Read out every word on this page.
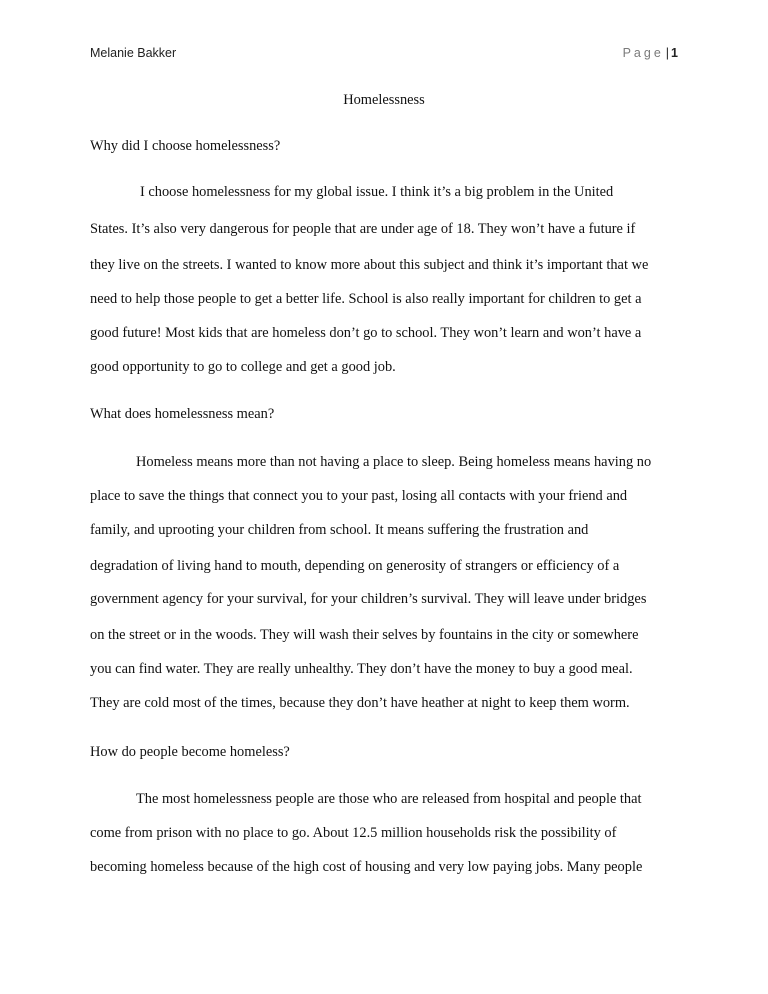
Melanie Bakker	Page | 1
Homelessness
Why did I choose homelessness?
I choose homelessness for my global issue. I think it’s a big problem in the United
States. It’s also very dangerous for people that are under age of 18. They won’t have a future if
they live on the streets. I wanted to know more about this subject and think it’s important that we
need to help those people to get a better life. School is also really important for children to get a
good future! Most kids that are homeless don’t go to school. They won’t learn and won’t have a
good opportunity to go to college and get a good job.
What does homelessness mean?
Homeless means more than not having a place to sleep. Being homeless means having no
place to save the things that connect you to your past, losing all contacts with your friend and
family, and uprooting your children from school. It means suffering the frustration and
degradation of living hand to mouth, depending on generosity of strangers or efficiency of a
government agency for your survival, for your children’s survival. They will leave under bridges
on the street or in the woods. They will wash their selves by fountains in the city or somewhere
you can find water. They are really unhealthy. They don’t have the money to buy a good meal.
They are cold most of the times, because they don’t have heather at night to keep them worm.
How do people become homeless?
The most homelessness people are those who are released from hospital and people that
come from prison with no place to go. About 12.5 million households risk the possibility of
becoming homeless because of the high cost of housing and very low paying jobs. Many people
